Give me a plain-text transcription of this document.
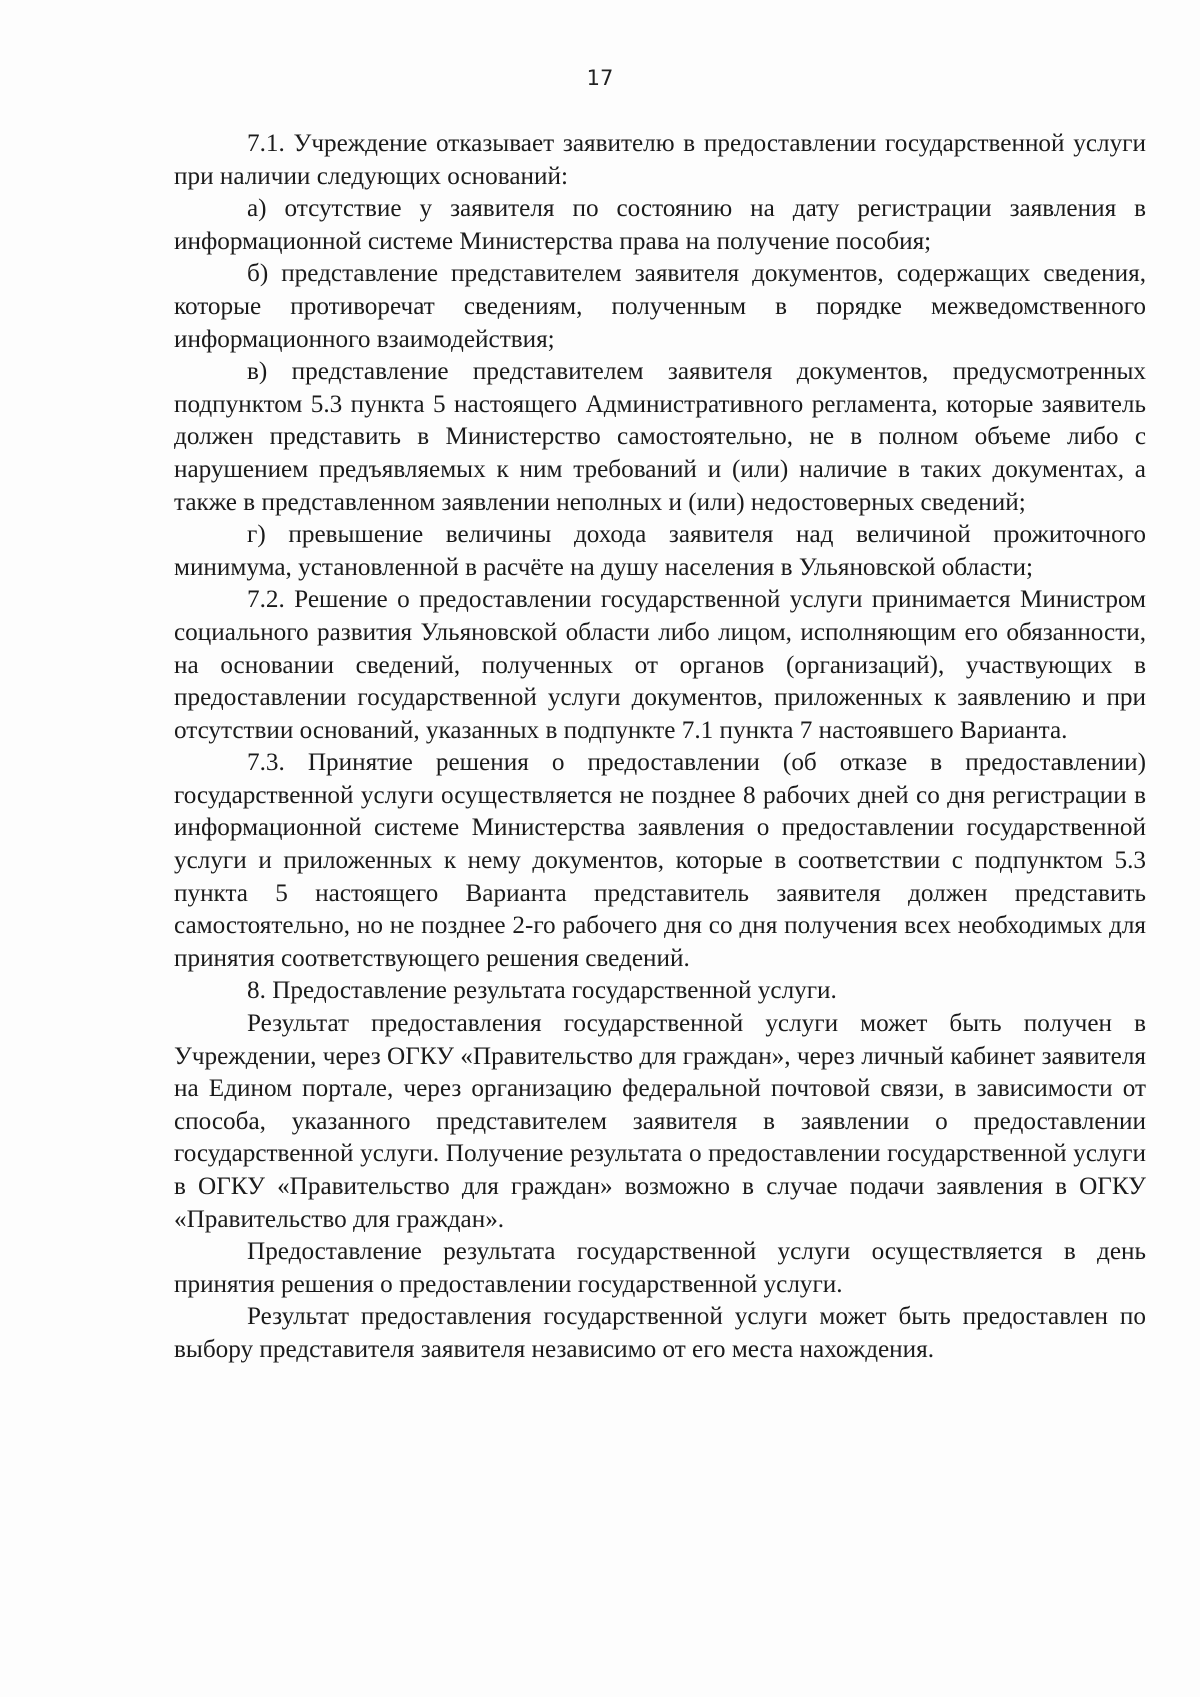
17

7.1. Учреждение отказывает заявителю в предоставлении государственной услуги при наличии следующих оснований:

а) отсутствие у заявителя по состоянию на дату регистрации заявления в информационной системе Министерства права на получение пособия;

б) представление представителем заявителя документов, содержащих сведения, которые противоречат сведениям, полученным в порядке межведомственного информационного взаимодействия;

в) представление представителем заявителя документов, предусмотренных подпунктом 5.3 пункта 5 настоящего Административного регламента, которые заявитель должен представить в Министерство самостоятельно, не в полном объеме либо с нарушением предъявляемых к ним требований и (или) наличие в таких документах, а также в представленном заявлении неполных и (или) недостоверных сведений;

г) превышение величины дохода заявителя над величиной прожиточного минимума, установленной в расчёте на душу населения в Ульяновской области;

7.2. Решение о предоставлении государственной услуги принимается Министром социального развития Ульяновской области либо лицом, исполняющим его обязанности, на основании сведений, полученных от органов (организаций), участвующих в предоставлении государственной услуги документов, приложенных к заявлению и при отсутствии оснований, указанных в подпункте 7.1 пункта 7 настоявшего Варианта.

7.3. Принятие решения о предоставлении (об отказе в предоставлении) государственной услуги осуществляется не позднее 8 рабочих дней со дня регистрации в информационной системе Министерства заявления о предоставлении государственной услуги и приложенных к нему документов, которые в соответствии с подпунктом 5.3 пункта 5 настоящего Варианта представитель заявителя должен представить самостоятельно, но не позднее 2-го рабочего дня со дня получения всех необходимых для принятия соответствующего решения сведений.

8. Предоставление результата государственной услуги.

Результат предоставления государственной услуги может быть получен в Учреждении, через ОГКУ «Правительство для граждан», через личный кабинет заявителя на Едином портале, через организацию федеральной почтовой связи, в зависимости от способа, указанного представителем заявителя в заявлении о предоставлении государственной услуги. Получение результата о предоставлении государственной услуги в ОГКУ «Правительство для граждан» возможно в случае подачи заявления в ОГКУ «Правительство для граждан».

Предоставление результата государственной услуги осуществляется в день принятия решения о предоставлении государственной услуги.

Результат предоставления государственной услуги может быть предоставлен по выбору представителя заявителя независимо от его места нахождения.
